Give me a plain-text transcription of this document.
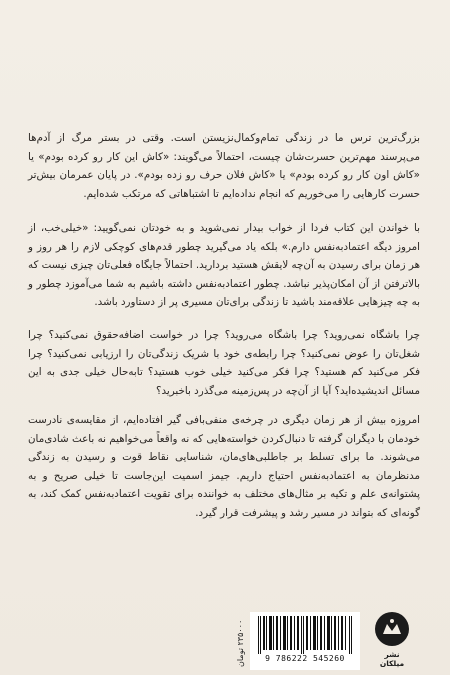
بزرگ‌ترین ترس ما در زندگی تمام‌وکمال‌نزیستن است. وقتی در بستر مرگ از آدم‌ها می‌پرسند مهم‌ترین حسرت‌شان چیست، احتمالاً می‌گویند: «کاش این کار رو کرده بودم» یا «کاش اون کار رو کرده بودم» یا «کاش فلان حرف رو زده بودم». در پایان عمرمان بیش‌تر حسرت کارهایی را می‌خوریم که انجام نداده‌ایم تا اشتباهاتی که مرتکب شده‌ایم.

با خواندن این کتاب فردا از خواب بیدار نمی‌شوید و به خودتان نمی‌گویید: «خیلی‌خب، از امروز دیگه اعتمادبه‌نفس دارم.» بلکه یاد می‌گیرید چطور قدم‌های کوچکی لازم را هر روز و هر زمان برای رسیدن به آن‌چه لایقش هستید بردارید. احتمالاً جایگاه فعلی‌تان چیزی نیست که بالاترفتن از آن امکان‌پذیر نباشد. چطور اعتمادبه‌نفس داشته باشیم به شما می‌آموزد چطور و به چه چیزهایی علاقه‌مند باشید تا زندگی برای‌تان مسیری پر از دستاورد باشد.

چرا باشگاه نمی‌روید؟ چرا باشگاه می‌روید؟ چرا در خواست اضافه‌حقوق نمی‌کنید؟ چرا شغل‌تان را عوض نمی‌کنید؟ چرا رابطه‌ی خود با شریک زندگی‌تان را ارزیابی نمی‌کنید؟ چرا فکر می‌کنید کم هستید؟ چرا فکر می‌کنید خیلی خوب هستید؟ تابه‌حال خیلی جدی به این مسائل اندیشیده‌اید؟ آیا از آن‌چه در پس‌زمینه می‌گذرد باخبرید؟

امروزه بیش از هر زمان دیگری در چرخه‌ی منفی‌بافی گیر افتاده‌ایم، از مقایسه‌ی نادرست خودمان با دیگران گرفته تا دنبال‌کردن خواسته‌هایی که نه واقعاً می‌خواهیم نه باعث شادی‌مان می‌شوند. ما برای تسلط بر جاطلبی‌های‌مان، شناسایی نقاط قوت و رسیدن به زندگی مدنظرمان به اعتمادبه‌نفس احتیاج داریم. جیمز اسمیت این‌جاست تا خیلی صریح و به پشتوانه‌ی علم و تکیه بر مثال‌های مختلف به خواننده برای تقویت اعتمادبه‌نفس کمک کند، به گونه‌ای که بتواند در مسیر رشد و پیشرفت قرار گیرد.

۲۳۵۰۰۰ تومان
9 786222 545260	نشر میلکان
